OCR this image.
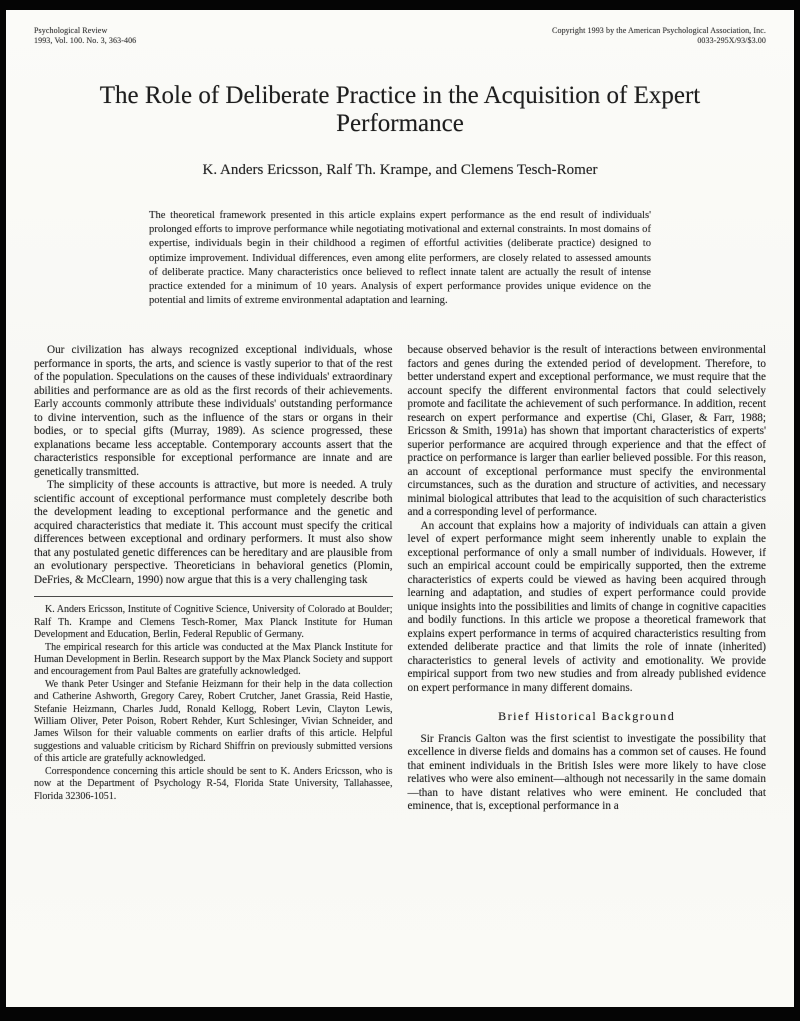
Psychological Review
1993, Vol. 100. No. 3, 363-406
Copyright 1993 by the American Psychological Association, Inc.
0033-295X/93/$3.00
The Role of Deliberate Practice in the Acquisition of Expert Performance
K. Anders Ericsson, Ralf Th. Krampe, and Clemens Tesch-Romer

The theoretical framework presented in this article explains expert performance as the end result of individuals' prolonged efforts to improve performance while negotiating motivational and external constraints. In most domains of expertise, individuals begin in their childhood a regimen of effortful activities (deliberate practice) designed to optimize improvement. Individual differences, even among elite performers, are closely related to assessed amounts of deliberate practice. Many characteristics once believed to reflect innate talent are actually the result of intense practice extended for a minimum of 10 years. Analysis of expert performance provides unique evidence on the potential and limits of extreme environmental adaptation and learning.

Our civilization has always recognized exceptional individuals, whose performance in sports, the arts, and science is vastly superior to that of the rest of the population. Speculations on the causes of these individuals' extraordinary abilities and performance are as old as the first records of their achievements. Early accounts commonly attribute these individuals' outstanding performance to divine intervention, such as the influence of the stars or organs in their bodies, or to special gifts (Murray, 1989). As science progressed, these explanations became less acceptable. Contemporary accounts assert that the characteristics responsible for exceptional performance are innate and are genetically transmitted.

The simplicity of these accounts is attractive, but more is needed. A truly scientific account of exceptional performance must completely describe both the development leading to exceptional performance and the genetic and acquired characteristics that mediate it. This account must specify the critical differences between exceptional and ordinary performers. It must also show that any postulated genetic differences can be hereditary and are plausible from an evolutionary perspective. Theoreticians in behavioral genetics (Plomin, DeFries, & McClearn, 1990) now argue that this is a very challenging task

K. Anders Ericsson, Institute of Cognitive Science, University of Colorado at Boulder; Ralf Th. Krampe and Clemens Tesch-Romer, Max Planck Institute for Human Development and Education, Berlin, Federal Republic of Germany.

The empirical research for this article was conducted at the Max Planck Institute for Human Development in Berlin. Research support by the Max Planck Society and support and encouragement from Paul Baltes are gratefully acknowledged.

We thank Peter Usinger and Stefanie Heizmann for their help in the data collection and Catherine Ashworth, Gregory Carey, Robert Crutcher, Janet Grassia, Reid Hastie, Stefanie Heizmann, Charles Judd, Ronald Kellogg, Robert Levin, Clayton Lewis, William Oliver, Peter Poison, Robert Rehder, Kurt Schlesinger, Vivian Schneider, and James Wilson for their valuable comments on earlier drafts of this article. Helpful suggestions and valuable criticism by Richard Shiffrin on previously submitted versions of this article are gratefully acknowledged.

Correspondence concerning this article should be sent to K. Anders Ericsson, who is now at the Department of Psychology R-54, Florida State University, Tallahassee, Florida 32306-1051.

because observed behavior is the result of interactions between environmental factors and genes during the extended period of development. Therefore, to better understand expert and exceptional performance, we must require that the account specify the different environmental factors that could selectively promote and facilitate the achievement of such performance. In addition, recent research on expert performance and expertise (Chi, Glaser, & Farr, 1988; Ericsson & Smith, 1991a) has shown that important characteristics of experts' superior performance are acquired through experience and that the effect of practice on performance is larger than earlier believed possible. For this reason, an account of exceptional performance must specify the environmental circumstances, such as the duration and structure of activities, and necessary minimal biological attributes that lead to the acquisition of such characteristics and a corresponding level of performance.

An account that explains how a majority of individuals can attain a given level of expert performance might seem inherently unable to explain the exceptional performance of only a small number of individuals. However, if such an empirical account could be empirically supported, then the extreme characteristics of experts could be viewed as having been acquired through learning and adaptation, and studies of expert performance could provide unique insights into the possibilities and limits of change in cognitive capacities and bodily functions. In this article we propose a theoretical framework that explains expert performance in terms of acquired characteristics resulting from extended deliberate practice and that limits the role of innate (inherited) characteristics to general levels of activity and emotionality. We provide empirical support from two new studies and from already published evidence on expert performance in many different domains.

Brief Historical Background

Sir Francis Galton was the first scientist to investigate the possibility that excellence in diverse fields and domains has a common set of causes. He found that eminent individuals in the British Isles were more likely to have close relatives who were also eminent—although not necessarily in the same domain—than to have distant relatives who were eminent. He concluded that eminence, that is, exceptional performance in a
